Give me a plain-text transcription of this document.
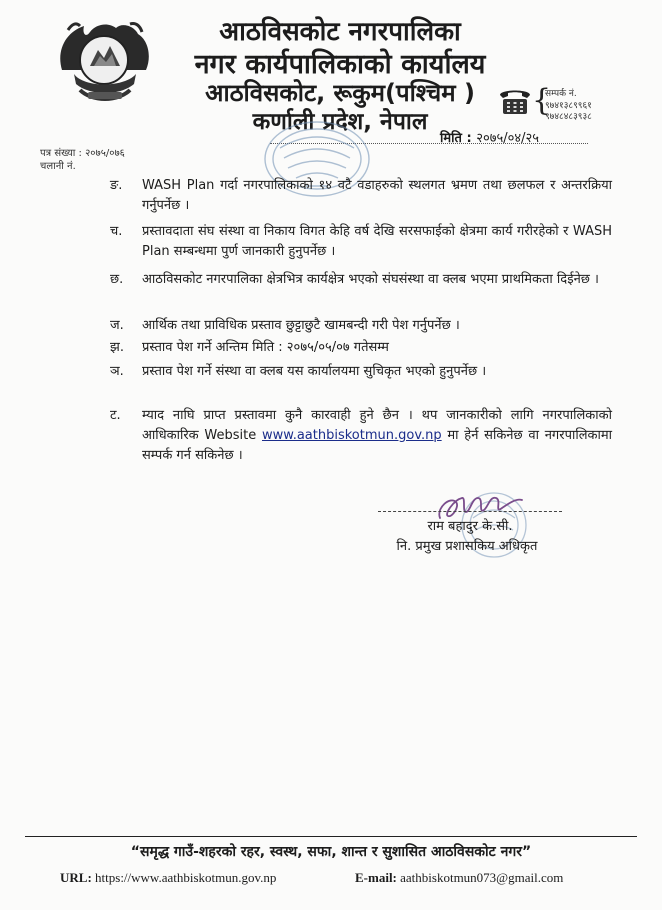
आठविसकोट नगरपालिका
नगर कार्यपालिकाको कार्यालय
आठविसकोट, रूकुम(पश्चिम )
कर्णाली प्रदेश, नेपाल
{
सम्पर्क नं.
९७४१३८९९६१
९७४८४८३९३८
मिति : २०७५/०४/२५
पत्र संख्या : २०७५/०७६
चलानी नं.
ङ.	WASH Plan गर्दा नगरपालिकाको १४ वटै वडाहरुको स्थलगत भ्रमण तथा छलफल र अन्तरक्रिया गर्नुपर्नेछ ।
च.	प्रस्तावदाता संघ संस्था वा निकाय विगत केहि वर्ष देखि सरसफाईको क्षेत्रमा कार्य गरीरहेको र WASH Plan सम्बन्धमा पुर्ण जानकारी हुनुपर्नेछ ।
छ.	आठविसकोट नगरपालिका क्षेत्रभित्र कार्यक्षेत्र भएको संघसंस्था वा क्लब भएमा प्राथमिकता दिईनेछ ।
ज.	आर्थिक तथा प्राविधिक प्रस्ताव छुट्टाछुटै खामबन्दी गरी पेश गर्नुपर्नेछ ।
झ.	प्रस्ताव पेश गर्ने अन्तिम मिति : २०७५/०५/०७ गतेसम्म
ञ.	प्रस्ताव पेश गर्ने संस्था वा क्लब यस कार्यालयमा सुचिकृत भएको हुनुपर्नेछ ।
ट.	म्याद नाघि प्राप्त प्रस्तावमा कुनै कारवाही हुने छैन । थप जानकारीको लागि नगरपालिकाको आधिकारिक Website www.aathbiskotmun.gov.np मा हेर्न सकिनेछ वा नगरपालिकामा सम्पर्क गर्न सकिनेछ ।
राम बहादुर के.सी.
नि. प्रमुख प्रशासकिय अधिकृत
“समृद्ध गाउँ-शहरको रहर, स्वस्थ, सफा, शान्त र सुशासित आठविसकोट नगर”
URL: https://www.aathbiskotmun.gov.np	E-mail: aathbiskotmun073@gmail.com
